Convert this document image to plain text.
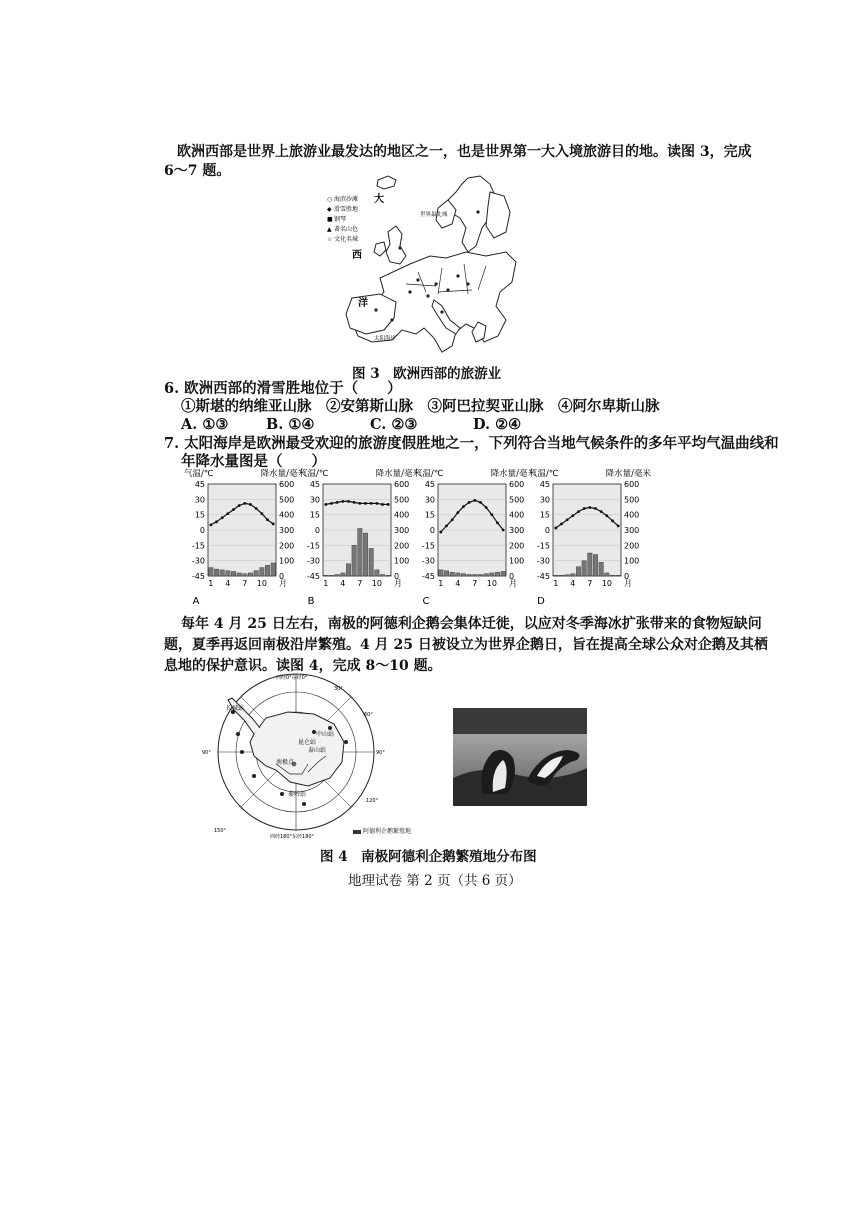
欧洲西部是世界上旅游业最发达的地区之一，也是世界第一大入境旅游目的地。读图 3，完成
6～7 题。
海滨沙滩
滑雪胜地
钢琴
著名山色
文化名城
○
◆
■
▲
☆
大
西
洋
世界最北城
太阳海岸
图 3　欧洲西部的旅游业
6. 欧洲西部的滑雪胜地位于（　　）
①斯堪的纳维亚山脉　②安第斯山脉　③阿巴拉契亚山脉　④阿尔卑斯山脉
A. ①③	B. ①④	C. ②③	D. ②④
7. 太阳海岸是欧洲最受欢迎的旅游度假胜地之一，下列符合当地气候条件的多年平均气温曲线和
年降水量图是（　　）
气温/℃	降水量/毫米
45
30
15
0
-15
-30
-45
600
500
400
300
200
100
0
1 4 7 10 月
A
气温/℃	降水量/毫米
45
30
15
0
-15
-30
-45
600
500
400
300
200
100
0
1 4 7 10 月
B
气温/℃	降水量/毫米
45
30
15
0
-15
-30
-45
600
500
400
300
200
100
0
1 4 7 10 月
C
气温/℃	降水量/毫米
45
30
15
0
-15
-30
-45
600
500
400
300
200
100
0
1 4 7 10 月
D
每年 4 月 25 日左右，南极的阿德利企鹅会集体迁徙，以应对冬季海冰扩张带来的食物短缺问
题，夏季再返回南极沿岸繁殖。4 月 25 日被设立为世界企鹅日，旨在提高全球公众对企鹅及其栖
息地的保护意识。读图 4，完成 8～10 题。
长城站
昆仑站
中山站
泰山站
南极点
秦岭站
西经0°东经0°
西经180°东经180°
90°	90°
30°
60°
120°
150°	阿德利企鹅繁殖地
图 4　南极阿德利企鹅繁殖地分布图
地理试卷 第 2 页（共 6 页）
